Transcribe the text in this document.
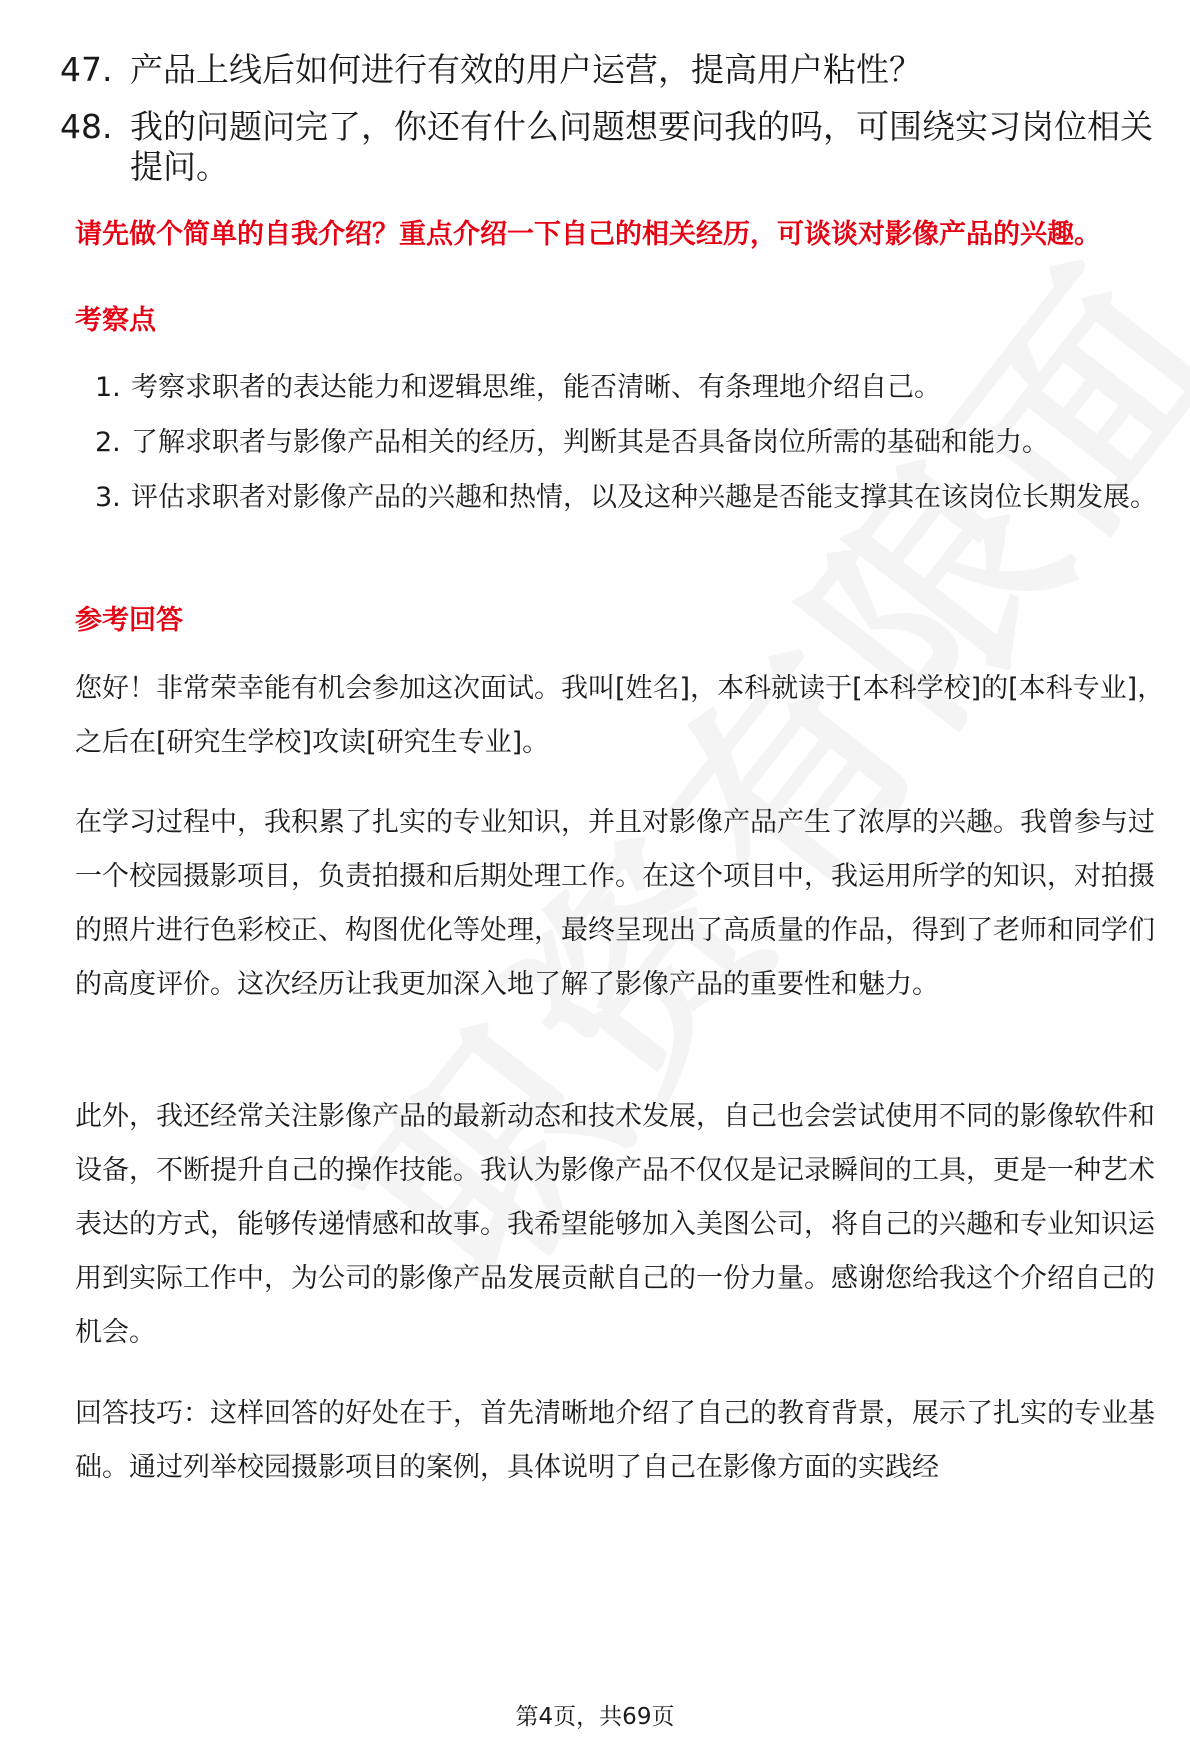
47. 产品上线后如何进行有效的用户运营，提高用户粘性？
48. 我的问题问完了，你还有什么问题想要问我的吗，可围绕实习岗位相关提问。
请先做个简单的自我介绍？重点介绍一下自己的相关经历，可谈谈对影像产品的兴趣。
考察点
1. 考察求职者的表达能力和逻辑思维，能否清晰、有条理地介绍自己。
2. 了解求职者与影像产品相关的经历，判断其是否具备岗位所需的基础和能力。
3. 评估求职者对影像产品的兴趣和热情，以及这种兴趣是否能支撑其在该岗位长期发展。
参考回答
您好！非常荣幸能有机会参加这次面试。我叫[姓名]，本科就读于[本科学校]的[本科专业]，之后在[研究生学校]攻读[研究生专业]。
在学习过程中，我积累了扎实的专业知识，并且对影像产品产生了浓厚的兴趣。我曾参与过一个校园摄影项目，负责拍摄和后期处理工作。在这个项目中，我运用所学的知识，对拍摄的照片进行色彩校正、构图优化等处理，最终呈现出了高质量的作品，得到了老师和同学们的高度评价。这次经历让我更加深入地了解了影像产品的重要性和魅力。
此外，我还经常关注影像产品的最新动态和技术发展，自己也会尝试使用不同的影像软件和设备，不断提升自己的操作技能。我认为影像产品不仅仅是记录瞬间的工具，更是一种艺术表达的方式，能够传递情感和故事。我希望能够加入美图公司，将自己的兴趣和专业知识运用到实际工作中，为公司的影像产品发展贡献自己的一份力量。感谢您给我这个介绍自己的机会。
回答技巧：这样回答的好处在于，首先清晰地介绍了自己的教育背景，展示了扎实的专业基础。通过列举校园摄影项目的案例，具体说明了自己在影像方面的实践经
第4页，共69页
